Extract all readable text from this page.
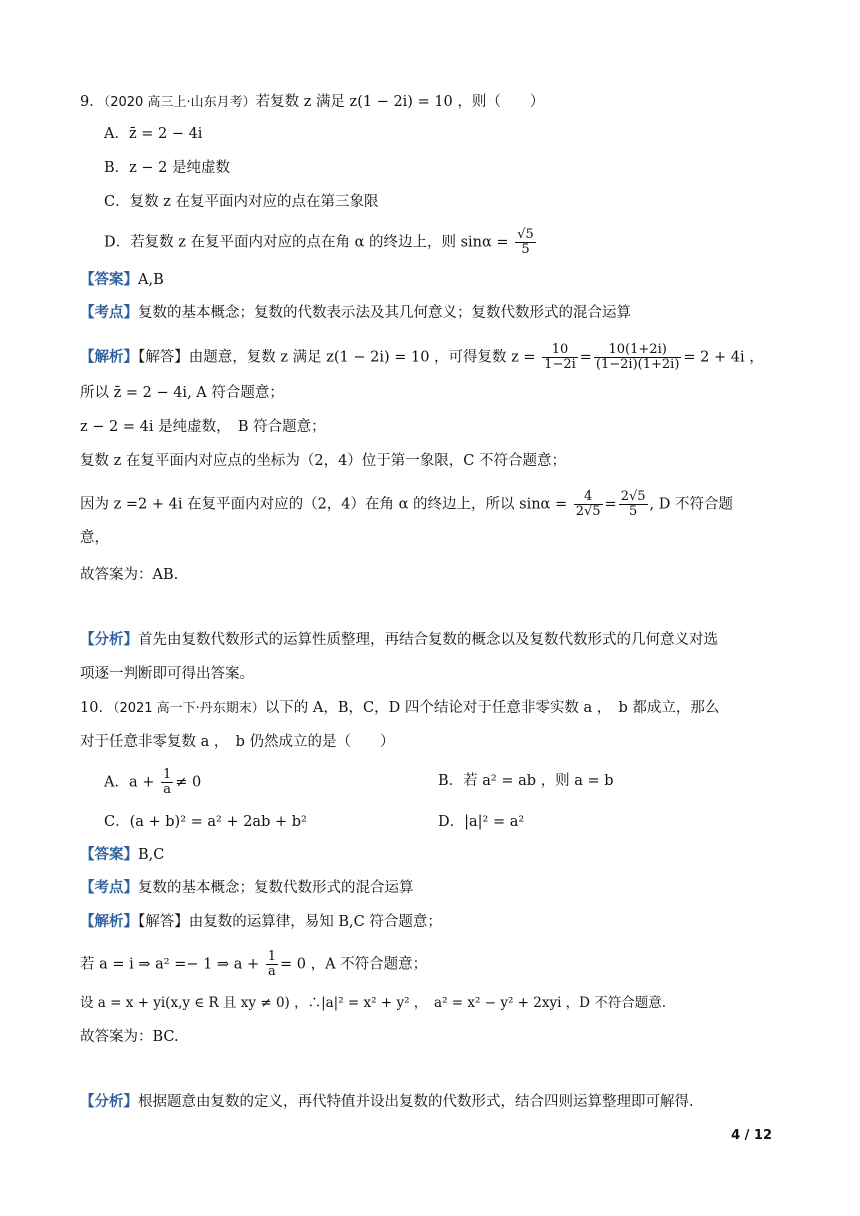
9．（2020 高三上·山东月考）若复数 z 满足 z(1 − 2i) = 10 ，则（　　）
A．z̄ = 2 − 4i
B．z − 2 是纯虚数
C．复数 z 在复平面内对应的点在第三象限
D．若复数 z 在复平面内对应的点在角 α 的终边上，则 $\sin\alpha = \frac{√5}{5}$
【答案】A,B
【考点】复数的基本概念；复数的代数表示法及其几何意义；复数代数形式的混合运算
【解析】【解答】由题意，复数 z 满足 z(1 − 2i) = 10 ，可得复数 $z = \frac{10}{1-2i} = \frac{10(1+2i)}{(1-2i)(1+2i)} = 2 + 4i$ ，
所以 z̄ = 2 − 4i, A 符合题意；
z − 2 = 4i 是纯虚数，　B 符合题意；
复数 z 在复平面内对应点的坐标为（2，4）位于第一象限，C 不符合题意；
因为 z =2 + 4i 在复平面内对应的（2，4）在角 α 的终边上，所以 $\sin\alpha = \frac{4}{2√5} = \frac{2√5}{5}$ , D 不符合题
意，
故答案为：AB.
【分析】首先由复数代数形式的运算性质整理，再结合复数的概念以及复数代数形式的几何意义对选
项逐一判断即可得出答案。
10．（2021 高一下·丹东期末）以下的 A，B，C，D 四个结论对于任意非零实数 a ，　b 都成立，那么
对于任意非零复数 a ，　b 仍然成立的是（　　）
A．$a + \frac{1}{a} \ne 0$	B．若 a² = ab ，则 a = b
C．(a + b)² = a² + 2ab + b²	D．|a|² = a²
【答案】B,C
【考点】复数的基本概念；复数代数形式的混合运算
【解析】【解答】由复数的运算律，易知 B,C 符合题意；
若 a = i ⇒ a² =− 1 ⇒ $a + \frac{1}{a} = 0$ ，A 不符合题意；
设 a = x + yi(x,y ∈ R 且 xy ≠ 0) ，∴|a|² = x² + y² ，　a² = x² − y² + 2xyi ，D 不符合题意.
故答案为：BC.
【分析】根据题意由复数的定义，再代特值并设出复数的代数形式，结合四则运算整理即可解得.
4 / 12
